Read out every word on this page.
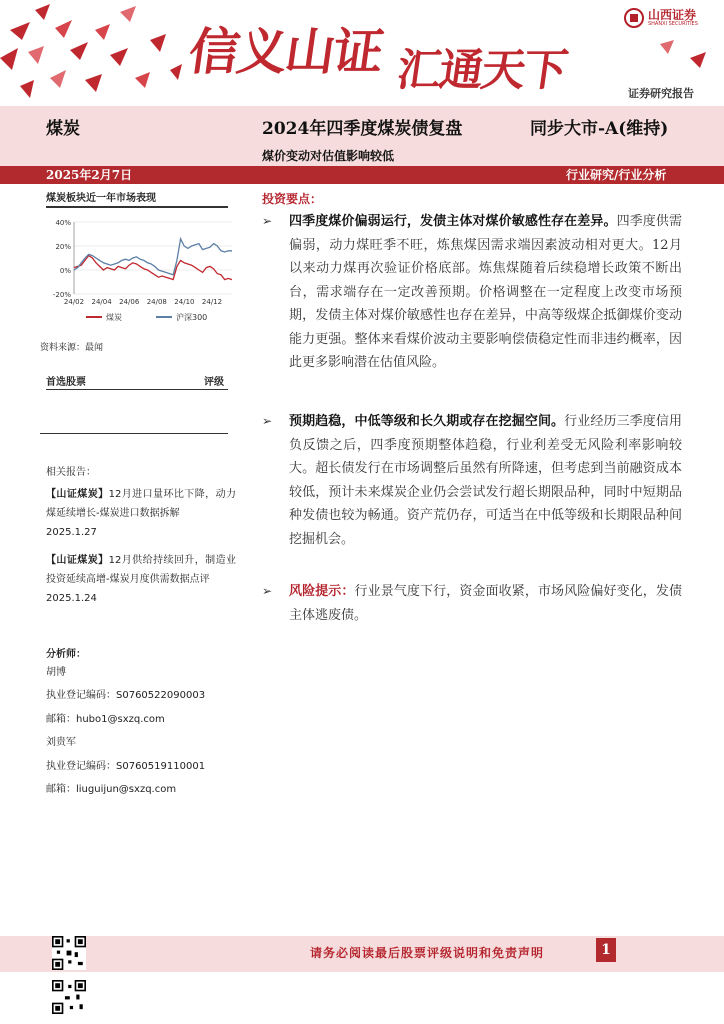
信义山证 汇通天下
山西证券
SHANXI SECURITIES
证券研究报告
煤炭	2024年四季度煤炭债复盘	同步大市-A(维持)
煤价变动对估值影响较低
2025年2月7日	行业研究/行业分析
煤炭板块近一年市场表现
40%
20%
0%
-20%
24/02 24/04 24/06 24/08 24/10 24/12
煤炭	沪深300
资料来源：最闻
首选股票	评级
相关报告：
【山证煤炭】12月进口量环比下降，动力煤延续增长-煤炭进口数据拆解
2025.1.27
【山证煤炭】12月供给持续回升，制造业投资延续高增-煤炭月度供需数据点评
2025.1.24
分析师：
胡博
执业登记编码：S0760522090003
邮箱：hubo1@sxzq.com
刘贵军
执业登记编码：S0760519110001
邮箱：liuguijun@sxzq.com
投资要点：
➢	四季度煤价偏弱运行，发债主体对煤价敏感性存在差异。四季度供需偏弱，动力煤旺季不旺，炼焦煤因需求端因素波动相对更大。12月以来动力煤再次验证价格底部。炼焦煤随着后续稳增长政策不断出台，需求端存在一定改善预期。价格调整在一定程度上改变市场预期，发债主体对煤价敏感性也存在差异，中高等级煤企抵御煤价变动能力更强。整体来看煤价波动主要影响偿债稳定性而非违约概率，因此更多影响潜在估值风险。
➢	预期趋稳，中低等级和长久期或存在挖掘空间。行业经历三季度信用负反馈之后，四季度预期整体趋稳，行业利差受无风险利率影响较大。超长债发行在市场调整后虽然有所降速，但考虑到当前融资成本较低，预计未来煤炭企业仍会尝试发行超长期限品种，同时中短期品种发债也较为畅通。资产荒仍存，可适当在中低等级和长期限品种间挖掘机会。
➢	风险提示：行业景气度下行，资金面收紧，市场风险偏好变化，发债主体逃废债。
请务必阅读最后股票评级说明和免责声明	1
